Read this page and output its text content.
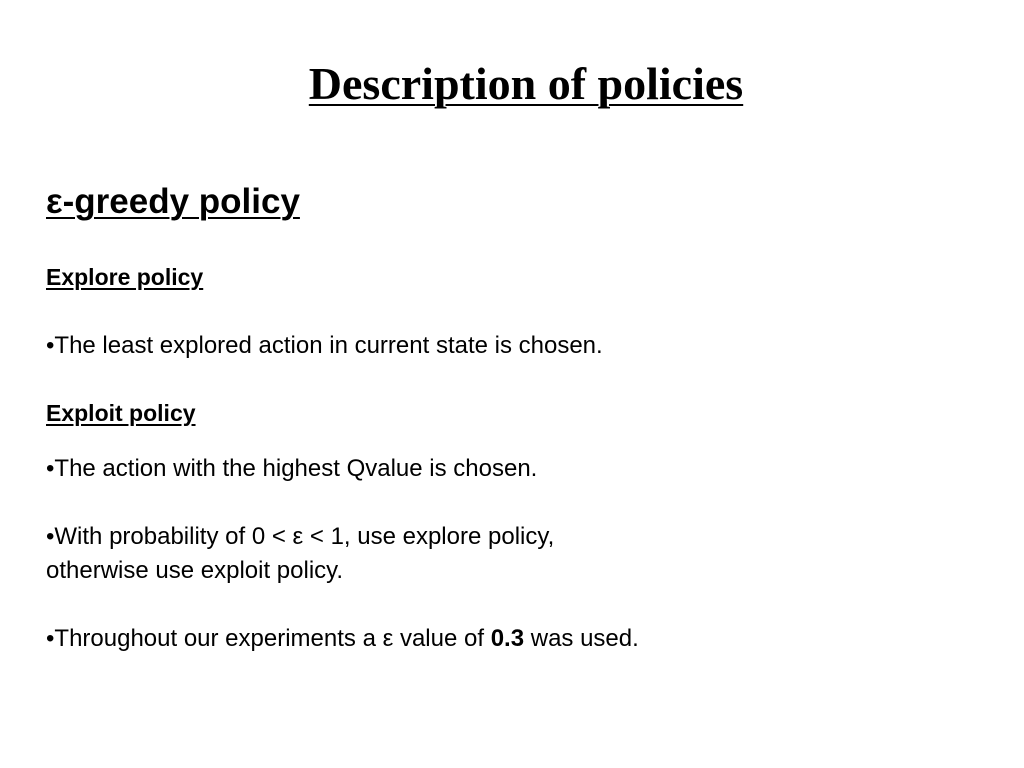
Description of policies
ε-greedy policy
Explore policy
•The least explored action in current state is chosen.
Exploit policy
•The action with the highest Qvalue is chosen.
•With probability of 0 < ε < 1, use explore policy,
otherwise use exploit policy.
•Throughout our experiments a ε value of 0.3 was used.
